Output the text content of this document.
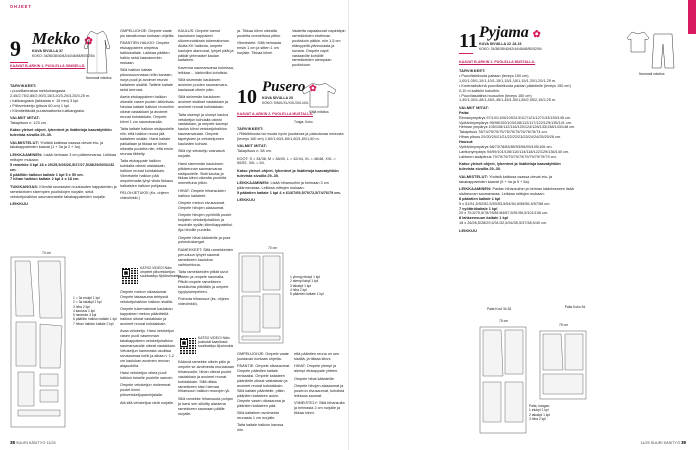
OHJEET
9 Mekko ✿
KUVA SIVULLA 37
KOKO: 34/36/38/40/42/44/46/48/50/52/54
KAAVAT B-ARKIN 1. PUOLELLA SINISELLÄ.
Normaali mitoitus

TARVIKKEET:
• puuvillamustaa mekkokangasta 2,45/2,75/2,85/2,90/3,15/3,20/3,20/3,25/3,25 m.
• tukikangasta (lakkaista n. 15 mm) 3 kpl.
• Piilovetoketju (pituus 60 cm) 1 kpl.
• Kiinnitettävää puutamattomia tukikangasta.

VALMIIT MITAT:
Takapituus n. 123 cm.

Katso yleiset ohjeet, lyhenteet ja lisätietoja kaavatyttöön tulevista sivuilla 29–30.

VALMISTELUT: Yhdistä kaikissa osassa olevat etu- ja takakappaleiden kaavat (1 + 3a ja 2 + 3a).

LEIKKAAMINEN: Lisää helmaan 3 cm päärmevaraa. Leikkaa mittojen mukaan:
5 ramekke 3 kpl 18 x 20/25,5/26/26,5/27/27,5/28/29/30/31/32 cm.
6 päälliön halkion kaitale 1 kpl 5 x 50 cm.
7 hihan halkion kaitale 2 kpl 4 x 18 cm.

TUKIKANGAS: Kiinnitä seuraavien kuukauden kappaleiden ja ramekkeiden sisempien puoliskojen nurjalle, sekä vetoketjuhalkion saumanvaralle takakappaleiden nurjalle.

LEIKKUU

70 cm
1 = 3a etukpl 1 kpl
2 = 3a takakpl 2 kpl
3 hiha 2 kpl
4 kauluus 1 kpl
5 ramekke 3 kpl
6 päälliön halkion kaitale 1 kpl
7 hihan halkion kaitale 2 kpl

OMPELUOHJE: Ompele vaate jos tamattoman korkaan ohjeilla.

PÄÄNTIEN HALKIO: Ompele etukappaleen ompelus halkiokaitale. Laikkaa päätien halkio sekä kaavamerkin mukaan.

Sillä halkion kaitale pituussuunnassa reilin kanssin, nurja puoli ja avoimet reunat kaitaleen sisällä. Taittele kaitale sekä kerrossi.

Aseta etukappaleen halkion oikealle vasen puolen ääriviivaa. Neulaa kaitale halkion reunoihin oikeat vastakkain ja avoimet reunat kohdakkain. Ompele kiinni 1 cm saumavaralla.

Taita kaitale halkion sisäpuolelle niin, että halkion reuna jää kaitaleen sisään. Harsi kaitale paikallaan ja tikkaa se kiinni oikealta puolelta niin, että ensin reunaa tikitetty.

Taita etukappale halkion kohdalta oikeat vastakkain, halkion reunat kohdakkain. Viimeistele halkion pää ompelemalla lyhyt viisto tikkaus halkaisien halkion pohjassa.

PELOHJETUKSI (Ks. ohjeen videolinkki.)

KATSO VIDEO! Näin ompelet piilovetoketjun: suurikasityo.fi/piilovetoketju

Ompele mekon olkasaumat. Ompele takasauma tehtyssä vetoketjuhalkion halkion sisällä.

Ompele tukematomat kaulakan kappaleen mekon päänttiellä halkion oikeat vastakkain ja avoimet reunat kohdakkain.

Avaa vetoketju. Harsi vetoketjun vasen puoli vasemman takakappaleen vetoketjuhalkion saumanvaralle oikeat vastakkain. Vetoketjun hammasta osoittaa sivusaumaa kohti ja alkaa n. 1,2 cm kaulukan avoimen reunan alapuolella.

Harsi vetoketjun oikea puoli halkion toiselle puolelle samoin.

Ompele vetoketjun molemmat puolet kiinni piilovetoketjupaininjalalla.

Alä sitä vetoketjua vielä nurjalle.

KAULUS: Ompele tuenut kauluksen kappaleet ulkoreunoistaan tukematoman. Aloita KK halkiota, ompele kaulojen alareunat, lyhyet päät ja pätkät yhtenaiset kaulan kaitaleen.

Kavenna saumanvaraa kulmissa, leikkaa ... kärkiviillot kohdista.

Sillä sisimmän kauluksen avoimen puolen saumanvara, kaulaosat oikein päin.

Sillä sisimmän kauluksen avoimet sisäiset vastakkain ja avoimet reunat kohdakkain.

Taita sisempi ja ulompi kaulus vetoketjun kohdalla oikeat vastakkain, ja ompele kaumpi kaulus kiinni vetoketjuhalkion saumanvaraan. Ompele tapetyksen ja vetoketjumen kaulusten kohdat.

Sillä nyt vetoketju vasnasuh nurjalle.

Harsi sisemmän kauluksen pitkäreunan saumanvaraa sisäpuolelle. Sidä kaulus ja tikkaa kiinni oikealta puolelta ommeltuna pitkin.

HIHAT: Ompele hihansuiden halkion kaitaleet.

Ompele mekon sivusaumat. Ompele hihojen alasaumat.

Ompele hihojen pyöröillä puolet korjaten vetoketjuhalkion ja muotoile sydän kiinnikappaleiksi. Aja hihoille puolella.

Ompele hihat käänteille ja pura poimutuslangat.

RAMEKKEET: Sillä ramekkeiden peruuluun lyhyet saumat ramekkeen kaulukun vaihtoehtona.

Taita ramekkeiden pitkät sivut yhteen ja ompele saumalla. Pitkät ompele ramekkeen keskikohta pitkittäin ja ompele rypytysompeleen.

Poimuta hihansuut (ks. ohjeen videolinkki).

KATSO VIDEO! Näin puimutat kaavitusot: suurikasityo.fi/poimutus

Käännä ramekke oikein päin ja ompele se avoimesta reunastaan hihansuulle, hihan oikeat puolet vastakkain ja avoimet reunat kohdakkain. Sillä ditsta ramekkeen sisin hiemaa hihansuun halkion reunojen yli.

Sillä ramekke hihansuuta pohjan ja harsi sen silloitty aiaraena ramekkeen saumaan päälle nurjalle.

ja. Tikkaa kiinni oikealta puolelta ommeltuna pitkin.

Viimeistele: Sillä helmasta ensin 1 cm ja sitten 1 cm nurjalle. Tikkaa kiinni.

Vaatetta vapaakuosit napinläpin ramekkeiden etuthinan puoliskoin pätkin. niin 1,5 cm etäisyyellä yläreunasta ja sivusta. Ompele napit vastaaville kohdille ramekkeiden alempaan puoliskoon.

10 Pusero ✿
KUVA SIVULLA 20
KOKO: S/M/L/XL/XXL/3XL/4XL
KAAVAT A-ARKIN 2. PUOLELLA MUSTALLA.
Väljä mitoitus
Tunga: Koko.

TARVIKKEET:
• Ribbitrikoota tai muuta hyvin joustavaa ja palautuvaa neulosta (leveys 160 cm) 1,60/1,60/1,60/1,60/1,60/1,60 m.

VALMIIT MITAT:
Takapituus n. 58 cm.

KOOT: S = 34/36, M = 38/40, L = 42/44, XL = 46/48, XXL = 50/52, 3XL = 54.

Katso yleiset ohjeet, lyhenteet ja lisätietoja kaavatyttöön tulevista sivuilla 29–30.

LEIKKAAMINEN: Lisää hihansuihin ja helmaan 3 cm päärmevaraa. Leikkaa mittojen mukaan:
5 pääntien kaitale 1 kpl 4 x 61/67/69,5/70/72,5/74/76/79 cm.

LEIKKUU

70 cm
1 yhengi etukpl 1 kpl
2 alempi takpl 1 kpl
3 takakpl 1 kpl
4 hiha 2 kpl
5 pääntien kaitale 1 kpl

OMPELUOHJE: Ompele vaate joustavan korkaan ohjeilla.

PÄÄNTIE: Ompele olkasaumat. Ompele pääntien kaitale renkaaksi. Ompele kaitaleen pääntielle oikeat vastakkain ja avoimet reunat kohdakkain. Sillä kaitale pääntielle, pitkin pääntien kaitaleen aukin. Ompele vasen olkasauma ja pääntien kaitaleen pää.

Sillä kaitaleen avoimesta reunasta 1 cm nurjalle.

Taita kaitale halkion kanssa niin.

että pääntien reuna on sen sisällä, ja tikkaa kiinni.

HIHAT: Ompele ylempi ja alempi etukappale yhteen.

Ompele hihat käänteille.

Ompele hihojen alasaumat ja puseron sivusaumat, kohdista leikkaus saumat.

VIIMEISTELY: Sillä hihansuita ja helmasta 2 cm nurjalle ja tikkaa kiinni.

38 SUURI KÄSITYÖ 11/25
11 Pyjama ✿
KUVA SIVUILLA 22 JA 23
KOKO: 34/36/38/40/42/44/46/48/50/52/54
KAAVAT B-ARKIN 1. PUOLELLA MUSTALLA.
Normaali mitoitus

TARVIKKEET:
• Puuvillatrikoota paitaan (leveys 150 cm) 1,00/1,05/1,10/1,10/1,15/1,15/1,15/1,15/1,20/1,20/1,25 m.
• Kontrastivärinä puuvillatrikoota paidan pääntielle (leveys 150 cm) 0,10 m kaikkiin kokoihin.
• Puuvillasatiinia housuihin (leveys 150 cm) 1,40/1,40/1,45/1,45/1,45/1,45/1,50/1,55/2,05/2,15/2,25 m.

VALMIIT MITAT:
Paita:
Rinnanympärys 97/101/105/109/113/117/121/127/133/139/145 cm.
Vyötärönympärys 95/98/100/103/108/112/117/122/129/135/141 cm.
Helman ympärys 105/108/112/116/120/124/128/133/138/143/148 cm.
Takapituus 78/74/75/75/75/75/75/75/76/76/76/74 cm.
Hihan pituus 20/20/20/21/21/22/22/23/23/24/24/25/25/26 cm.
Housut:
Vyötärönympärys 68/73/78/83/89/93/96/99/105/106 cm.
Lantionympärys 94/99/101/106/110/114/118/122/129/136/140 cm.
Lahkeen sisäpituus 79/79/79/79/79/79/79/79/79/79/79 cm.

Katso yleiset ohjeet, lyhenteet ja lisätietoja kaavatyttöön tulevista sivuilla 29–30.

VALMISTELUT: Yhdistä kaikissa osassa olevat etu- ja takakappaleiden kaavat (5 + 4a ja 5 + 5a).

LEIKKAAMINEN: Paidan hihansuihin ja helman käänteeseen lisää sisäreunan saumavaraa. Leikkaa mittojen mukaan:
8 pääntien kaitale 1 kpl
5 x 51/51,5/52/52,5/53/53,5/54/54,5/55/56,5/57/58 cm.
7 vyötärökaitale 1 kpl
20 x 75,5/75,5/78/78/81/84/87,5/91/96,5/101/106 cm.
8 lahkeensuun kaitale 1 kpl
18 x 26/26,5/28/29,5/31/32,5/34/35,5/37/38,5/40 cm.

LEIKKUU

75 cm
Paita Kool 34-52
75 cm
Paita Koko 54
Paita, kangas:
1 etukpl 1 kpl
2 takakpl 1 kpl
3 hiha 2 kpl
11/25 SUURI KÄSITYÖ 39
